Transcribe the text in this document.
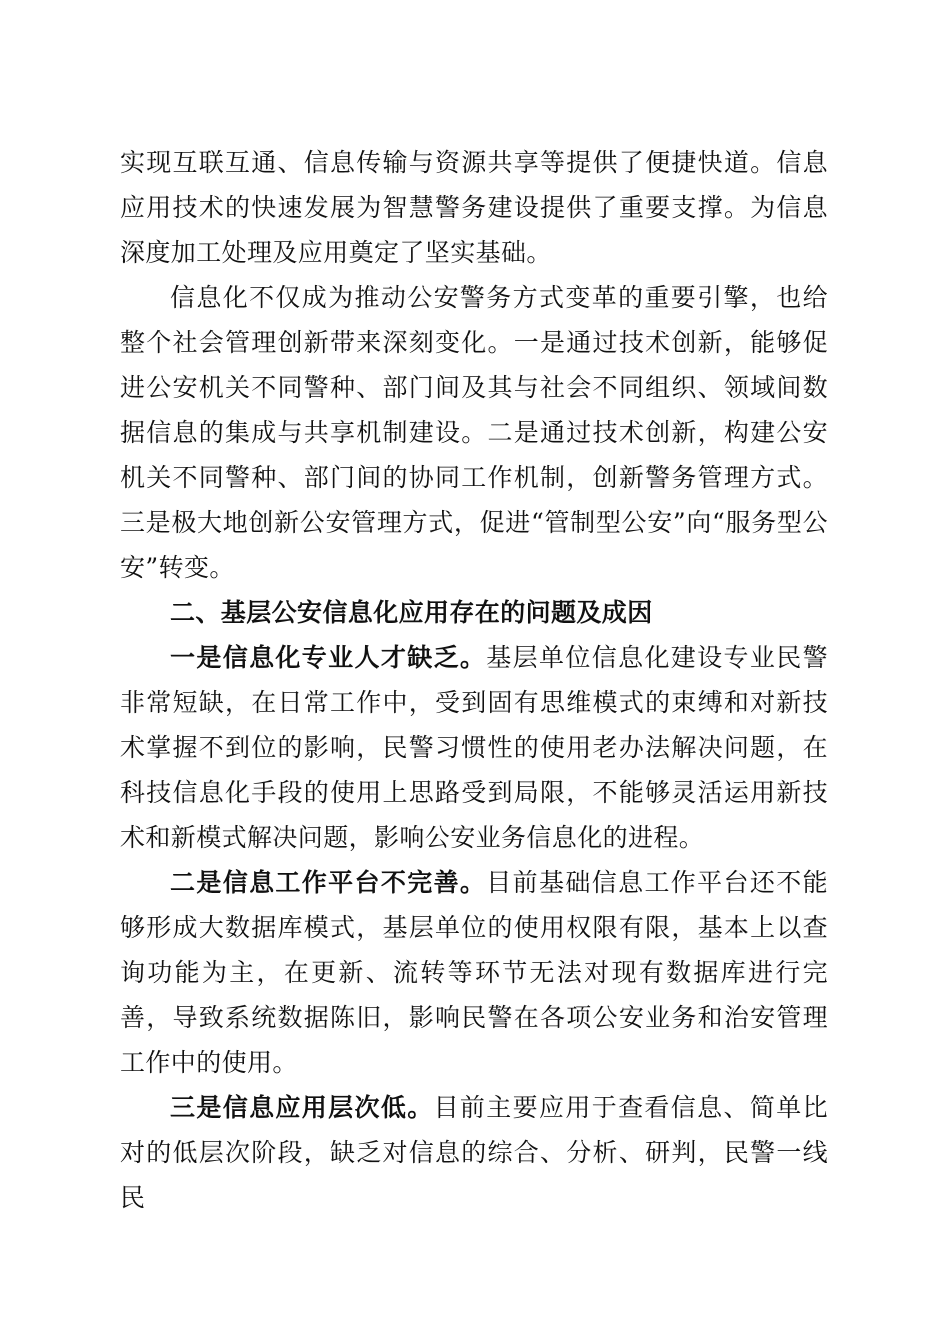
实现互联互通、信息传输与资源共享等提供了便捷快道。信息应用技术的快速发展为智慧警务建设提供了重要支撑。为信息深度加工处理及应用奠定了坚实基础。

信息化不仅成为推动公安警务方式变革的重要引擎，也给整个社会管理创新带来深刻变化。一是通过技术创新，能够促进公安机关不同警种、部门间及其与社会不同组织、领域间数据信息的集成与共享机制建设。二是通过技术创新，构建公安机关不同警种、部门间的协同工作机制，创新警务管理方式。三是极大地创新公安管理方式，促进“管制型公安”向“服务型公安”转变。

二、基层公安信息化应用存在的问题及成因

一是信息化专业人才缺乏。基层单位信息化建设专业民警非常短缺，在日常工作中，受到固有思维模式的束缚和对新技术掌握不到位的影响，民警习惯性的使用老办法解决问题，在科技信息化手段的使用上思路受到局限，不能够灵活运用新技术和新模式解决问题，影响公安业务信息化的进程。

二是信息工作平台不完善。目前基础信息工作平台还不能够形成大数据库模式，基层单位的使用权限有限，基本上以查询功能为主，在更新、流转等环节无法对现有数据库进行完善，导致系统数据陈旧，影响民警在各项公安业务和治安管理工作中的使用。

三是信息应用层次低。目前主要应用于查看信息、简单比对的低层次阶段，缺乏对信息的综合、分析、研判，民警一线民
